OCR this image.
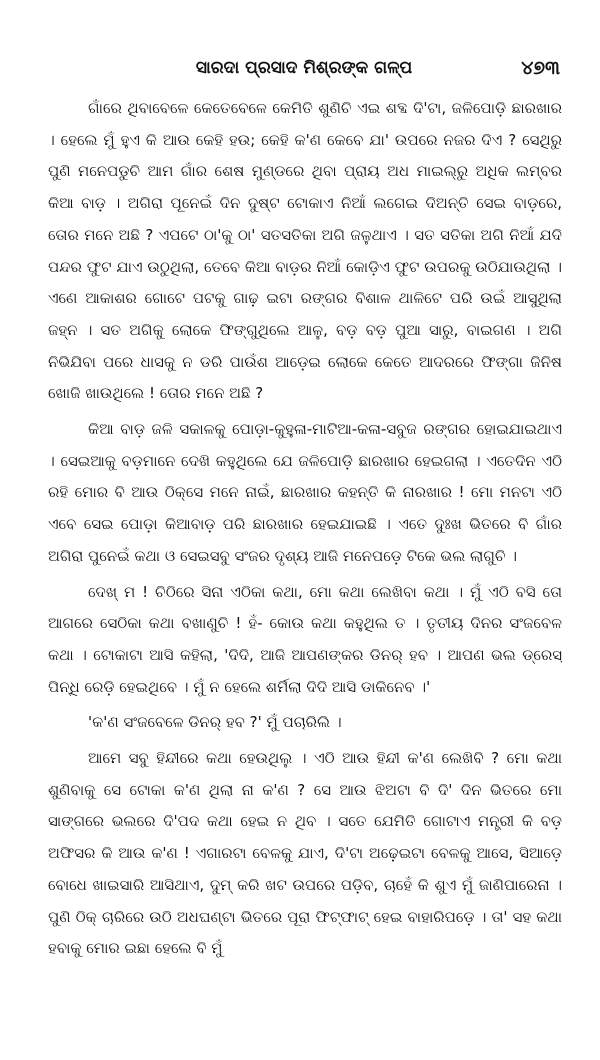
ସାରଦା ପ୍ରସାଦ ମିଶ୍ରଙ୍କ ଗଳ୍ପ	୪୭୩

ଗାଁରେ ଥିବାବେଳେ କେତେବେଳେ କେମିତି ଶୁଣିଚି ଏଇ ଶବ୍ଦ ଦି'ଟା, ଜଳିପୋଡ଼ି ଛାରଖାର । ହେଲେ ମୁଁ ହୁଏ କି ଆଉ କେହି ହଉ; କେହି କ'ଣ କେବେ ଯା' ଉପରେ ନଜର ଦିଏ ? ସେଥିରୁ ପୁଣି ମନେପଡୁଚି ଆମ ଗାଁର ଶେଷ ମୁଣ୍ଡରେ ଥିବା ପ୍ରାୟ ଅଧ ମାଇଲ୍‌ରୁ ଅଧିକ ଲମ୍ବର କିଆ ବାଡ଼ । ଅଗିରା ପୂନେଇଁ ଦିନ ଦୁଷ୍ଟ ଟୋକାଏ ନିଆଁ ଲଗେଇ ଦିଅନ୍ତି ସେଇ ବାଡ଼ରେ, ତୋର ମନେ ଅଛି ? ଏପଟେ ଠା'କୁ ଠା' ସତସତିକା ଅଗି ଜଳୁଥାଏ । ସତ ସତିକା ଅଗି ନିଆଁ ଯଦି ପନ୍ଦର ଫୁଟ ଯାଏ ଉଠୁଥିଲା, ତେବେ କିଆ ବାଡ଼ର ନିଆଁ କୋଡ଼ିଏ ଫୁଟ ଉପରକୁ ଉଠିଯାଉଥିଲା । ଏଣେ ଆକାଶର ଗୋଟେ ପଟକୁ ଗାଢ଼ ଇଟା ରଙ୍ଗର ବିଶାଳ ଥାଳିଟେ ପରି ଉଇଁ ଆସୁଥିଲା ଜହ୍ନ । ସତ ଅଗିକୁ ଲୋକେ ଫିଙ୍ଗୁଥିଲେ ଆଳୁ, ବଡ଼ ବଡ଼ ପୁଆ ସାରୁ, ବାଇଗଣ । ଅଗି ନିଭିଯିବା ପରେ ଧାସକୁ ନ ଡରି ପାଉଁଶ ଆଡ଼େଇ ଲୋକେ କେତେ ଆଦରରେ ଫିଙ୍ଗା ଜିନିଷ ଖୋଜି ଖାଉଥିଲେ ! ତୋର ମନେ ଅଛି ?

କିଆ ବାଡ଼ ଜଳି ସକାଳକୁ ପୋଡ଼ା-କୁହୁଳା-ମାଟିଆ-କଳା-ସବୁଜ ରଙ୍ଗର ହୋଇଯାଇଥାଏ । ସେଇଆକୁ ବଡ଼ମାନେ ଦେଖି କହୁଥିଲେ ଯେ ଜଳିପୋଡ଼ି ଛାରଖାର ହେଇଗଲା । ଏତେଦିନ ଏଠି ରହି ମୋର ବି ଆଉ ଠିକ୍‌ସେ ମନେ ନାଇଁ, ଛାରଖାର କହନ୍ତି କି ନାରଖାର ! ମୋ ମନଟା ଏଠି ଏବେ ସେଇ ପୋଡ଼ା କିଆବାଡ଼ ପରି ଛାରଖାର ହେଇଯାଇଛି । ଏତେ ଦୁଃଖ ଭିତରେ ବି ଗାଁର ଅଗିରା ପୁନେଇଁ କଥା ଓ ସେଇସବୁ ସଂଜର ଦୃଶ୍ୟ ଆଜି ମନେପଡ଼େ ଟିକେ ଭଲ ଲାଗୁଚି ।

ଦେଖ୍ ମ ! ଚିଠିରେ ସିନା ଏଠିକା କଥା, ମୋ କଥା ଲେଖିବା କଥା । ମୁଁ ଏଠି ବସି ତୋ ଆଗରେ ସେଠିକା କଥା ବଖାଣୁଚି ! ହଁ- କୋଉ କଥା କହୁଥିଲ ତ । ତୃତୀୟ ଦିନର ସଂଜବେଳ କଥା । ଟୋକାଟା ଆସି କହିଲା, 'ଦିଦି, ଆଜି ଆପଣଙ୍କର ଡିନର୍ ହବ । ଆପଣ ଭଲ ଡ୍ରେସ୍ ପିନ୍ଧି ରେଡ଼ି ହେଇଥିବେ । ମୁଁ ନ ହେଲେ ଶର୍ମିଲା ଦିଦି ଆସି ଡାକିନେବ ।'

'କ'ଣ ସଂଜବେଳେ ଡିନର୍ ହବ ?' ମୁଁ ପଚାରିଲି ।

ଆମେ ସବୁ ହିନ୍ଦୀରେ କଥା ହେଉଥିଲୁ । ଏଠି ଆଉ ହିନ୍ଦୀ କ'ଣ ଲେଖିବି ? ମୋ କଥା ଶୁଣିବାକୁ ସେ ଟୋକା କ'ଣ ଥିଲା ନା କ'ଣ ? ସେ ଆଉ ଝିଅଟା ବି ଦି' ଦିନ ଭିତରେ ମୋ ସାଙ୍ଗରେ ଭଲରେ ଦି'ପଦ କଥା ହେଇ ନ ଥିବ । ସତେ ଯେମିତି ଗୋଟାଏ ମନ୍ତ୍ରୀ କି ବଡ଼ ଅଫିସର କି ଆଉ କ'ଣ ! ଏଗାରଟା ବେଳକୁ ଯାଏ, ଦି'ଟା ଅଢ଼େଇଟା ବେଳକୁ ଆସେ, ସିଆଡ଼େ ବୋଧେ ଖାଇସାରି ଆସିଥାଏ, ଦୁମ୍ କରି ଖଟ ଉପରେ ପଡ଼ିବ, ଚାହେଁ କି ଶୁଏ ମୁଁ ଜାଣିପାରେନା । ପୁଣି ଠିକ୍ ଚାରିରେ ଉଠି ଅଧଘଣ୍ଟା ଭିତରେ ପୂରା ଫିଟ୍‌ଫାଟ୍ ହେଇ ବାହାରିପଡ଼େ । ତା' ସହ କଥା ହବାକୁ ମୋର ଇଛା ହେଲେ ବି ମୁଁ
